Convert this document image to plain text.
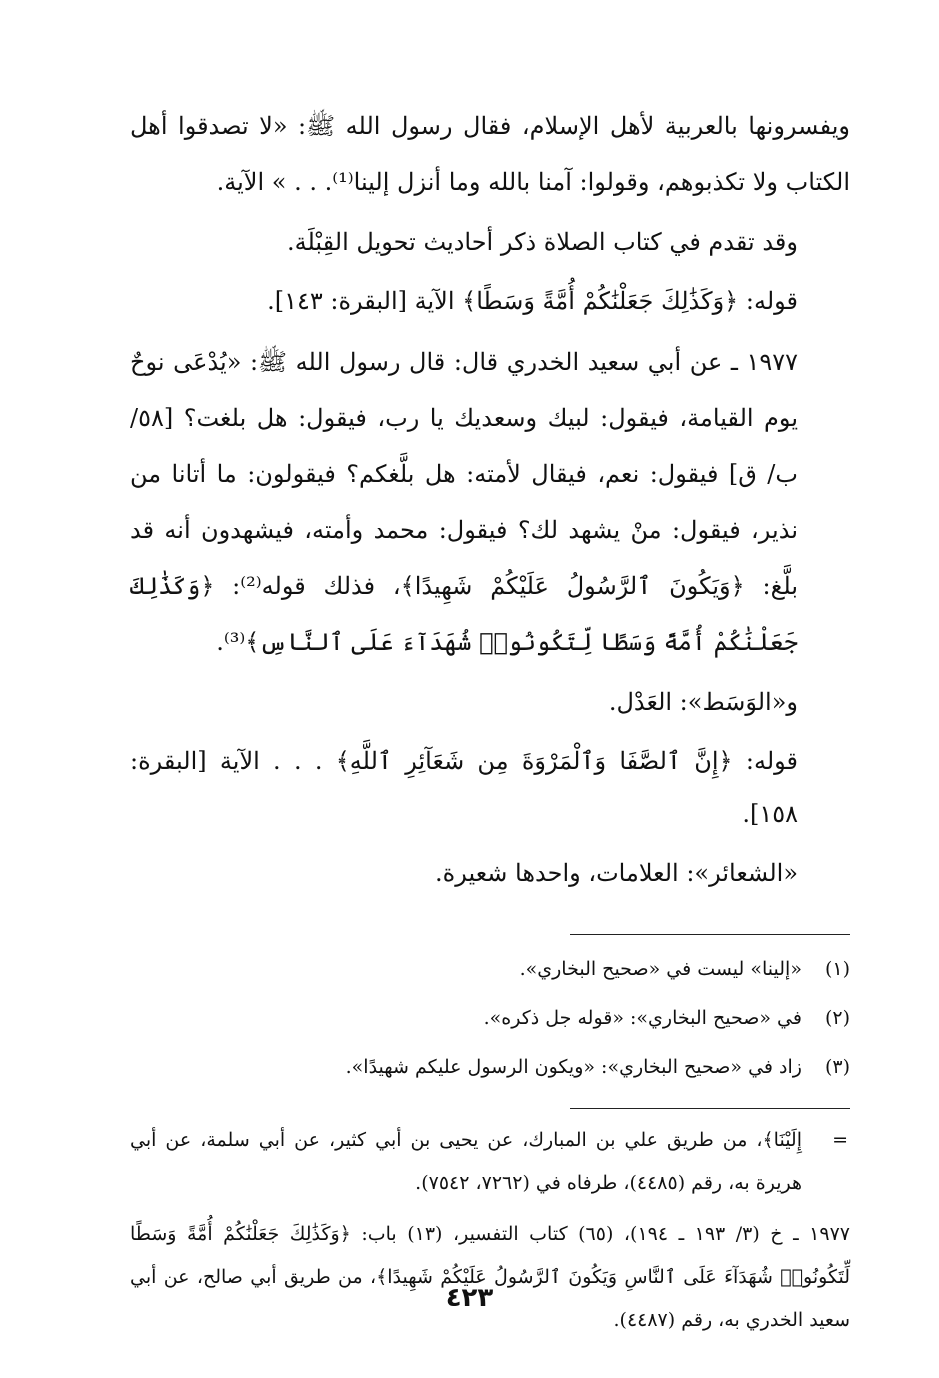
ويفسرونها بالعربية لأهل الإسلام، فقال رسول الله ﷺ: «لا تصدقوا أهل الكتاب ولا تكذبوهم، وقولوا: آمنا بالله وما أنزل إلينا⁽¹⁾. . . » الآية.

وقد تقدم في كتاب الصلاة ذكر أحاديث تحويل القِبْلَة.

قوله: ﴿وَكَذَٰلِكَ جَعَلْنَٰكُمْ أُمَّةً وَسَطًا﴾ الآية [البقرة: ١٤٣].

١٩٧٧ ـ عن أبي سعيد الخدري قال: قال رسول الله ﷺ: «يُدْعَى نوحٌ يوم القيامة، فيقول: لبيك وسعديك يا رب، فيقول: هل بلغت؟ [٥٨/ ب/ ق] فيقول: نعم، فيقال لأمته: هل بلَّغكم؟ فيقولون: ما أتانا من نذير، فيقول: منْ يشهد لك؟ فيقول: محمد وأمته، فيشهدون أنه قد بلَّغ: ﴿وَيَكُونَ ٱلرَّسُولُ عَلَيْكُمْ شَهِيدًا﴾، فذلك قوله⁽²⁾: ﴿وَكَذَٰلِكَ جَعَلْنَٰكُمْ أُمَّةً وَسَطًا لِّتَكُونُوا۟ شُهَدَآءَ عَلَى ٱلنَّاسِ﴾⁽³⁾.

و«الوَسَط»: العَدْل.

قوله: ﴿إِنَّ ٱلصَّفَا وَٱلْمَرْوَةَ مِن شَعَآئِرِ ٱللَّهِ﴾ . . . الآية [البقرة: ١٥٨].

«الشعائر»: العلامات، واحدها شعيرة.

(١) «إلينا» ليست في «صحيح البخاري».

(٢) في «صحيح البخاري»: «قوله جل ذكره».

(٣) زاد في «صحيح البخاري»: «ويكون الرسول عليكم شهيدًا».

=
إِلَيْنَا﴾، من طريق علي بن المبارك، عن يحيى بن أبي كثير، عن أبي سلمة، عن أبي هريرة به، رقم (٤٤٨٥)، طرفاه في (٧٢٦٢، ٧٥٤٢).

١٩٧٧ ـ خ (٣/ ١٩٣ ـ ١٩٤)، (٦٥) كتاب التفسير، (١٣) باب: ﴿وَكَذَٰلِكَ جَعَلْنَٰكُمْ أُمَّةً وَسَطًا لِّتَكُونُوا۟ شُهَدَآءَ عَلَى ٱلنَّاسِ وَيَكُونَ ٱلرَّسُولُ عَلَيْكُمْ شَهِيدًا﴾، من طريق أبي صالح، عن أبي سعيد الخدري به، رقم (٤٤٨٧).

٤٢٣
